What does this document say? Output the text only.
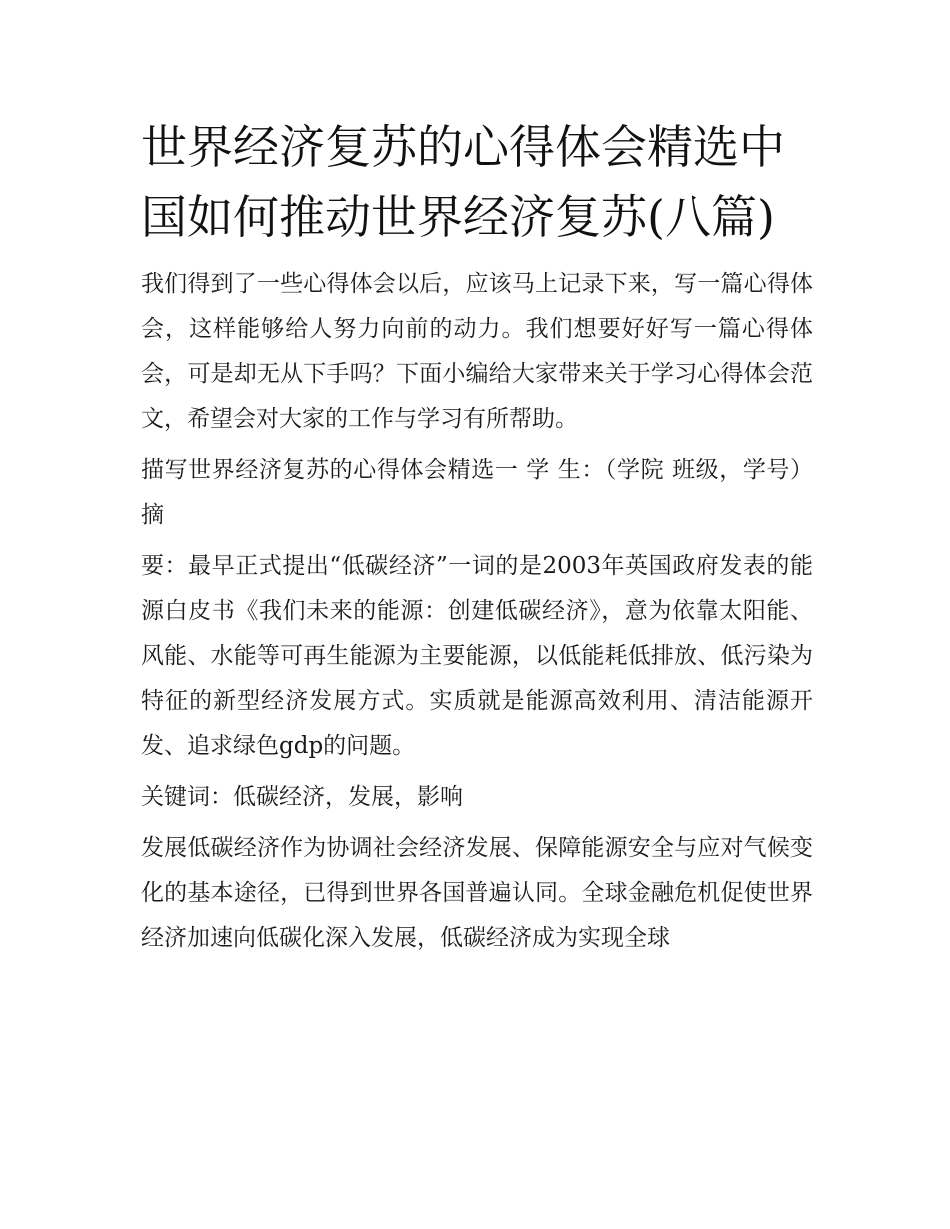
世界经济复苏的心得体会精选中国如何推动世界经济复苏(八篇)

我们得到了一些心得体会以后，应该马上记录下来，写一篇心得体会，这样能够给人努力向前的动力。我们想要好好写一篇心得体会，可是却无从下手吗？下面小编给大家带来关于学习心得体会范文，希望会对大家的工作与学习有所帮助。

描写世界经济复苏的心得体会精选一 学 生：（学院 班级，学号） 摘

要：最早正式提出“低碳经济”一词的是2003年英国政府发表的能源白皮书《我们未来的能源：创建低碳经济》，意为依靠太阳能、风能、水能等可再生能源为主要能源，以低能耗低排放、低污染为特征的新型经济发展方式。实质就是能源高效利用、清洁能源开发、追求绿色gdp的问题。

关键词：低碳经济，发展，影响

发展低碳经济作为协调社会经济发展、保障能源安全与应对气候变化的基本途径，已得到世界各国普遍认同。全球金融危机促使世界经济加速向低碳化深入发展，低碳经济成为实现全球
